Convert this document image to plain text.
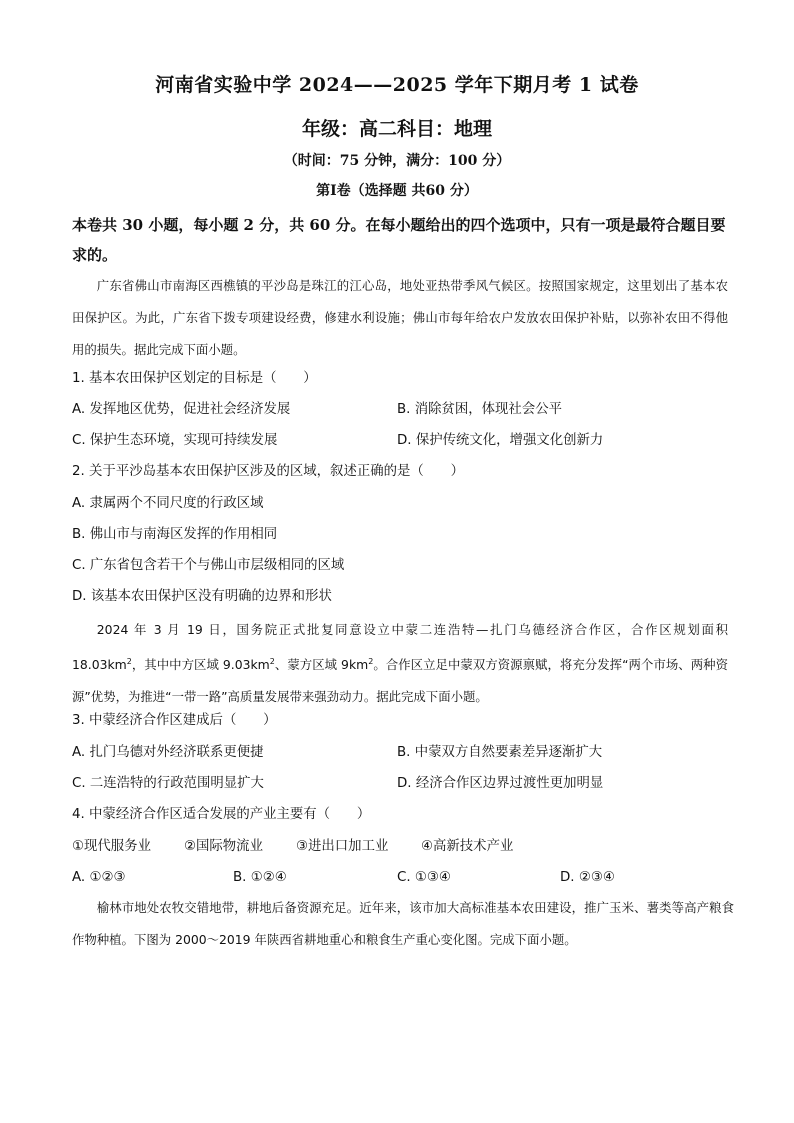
河南省实验中学 2024——2025 学年下期月考 1 试卷
年级：高二科目：地理
（时间：75 分钟，满分：100 分）
第Ⅰ卷（选择题 共60 分）
本卷共 30 小题，每小题 2 分，共 60 分。在每小题给出的四个选项中，只有一项是最符合题目要求的。
广东省佛山市南海区西樵镇的平沙岛是珠江的江心岛，地处亚热带季风气候区。按照国家规定，这里划出了基本农田保护区。为此，广东省下拨专项建设经费，修建水利设施；佛山市每年给农户发放农田保护补贴，以弥补农田不得他用的损失。据此完成下面小题。
1. 基本农田保护区划定的目标是（　　）
A. 发挥地区优势，促进社会经济发展	B. 消除贫困，体现社会公平
C. 保护生态环境，实现可持续发展	D. 保护传统文化，增强文化创新力
2. 关于平沙岛基本农田保护区涉及的区域，叙述正确的是（　　）
A. 隶属两个不同尺度的行政区域
B. 佛山市与南海区发挥的作用相同
C. 广东省包含若干个与佛山市层级相同的区域
D. 该基本农田保护区没有明确的边界和形状
2024 年 3 月 19 日，国务院正式批复同意设立中蒙二连浩特—扎门乌德经济合作区，合作区规划面积 $18.03km^2$，其中中方区域 $9.03km^2$、蒙方区域 $9km^2$。合作区立足中蒙双方资源禀赋，将充分发挥“两个市场、两种资源”优势，为推进“一带一路”高质量发展带来强劲动力。据此完成下面小题。
3. 中蒙经济合作区建成后（　　）
A. 扎门乌德对外经济联系更便捷	B. 中蒙双方自然要素差异逐渐扩大
C. 二连浩特的行政范围明显扩大	D. 经济合作区边界过渡性更加明显
4. 中蒙经济合作区适合发展的产业主要有（　　）
①现代服务业 ②国际物流业 ③进出口加工业 ④高新技术产业
A. ①②③	B. ①②④	C. ①③④	D. ②③④
榆林市地处农牧交错地带，耕地后备资源充足。近年来，该市加大高标准基本农田建设，推广玉米、薯类等高产粮食作物种植。下图为 2000～2019 年陕西省耕地重心和粮食生产重心变化图。完成下面小题。
